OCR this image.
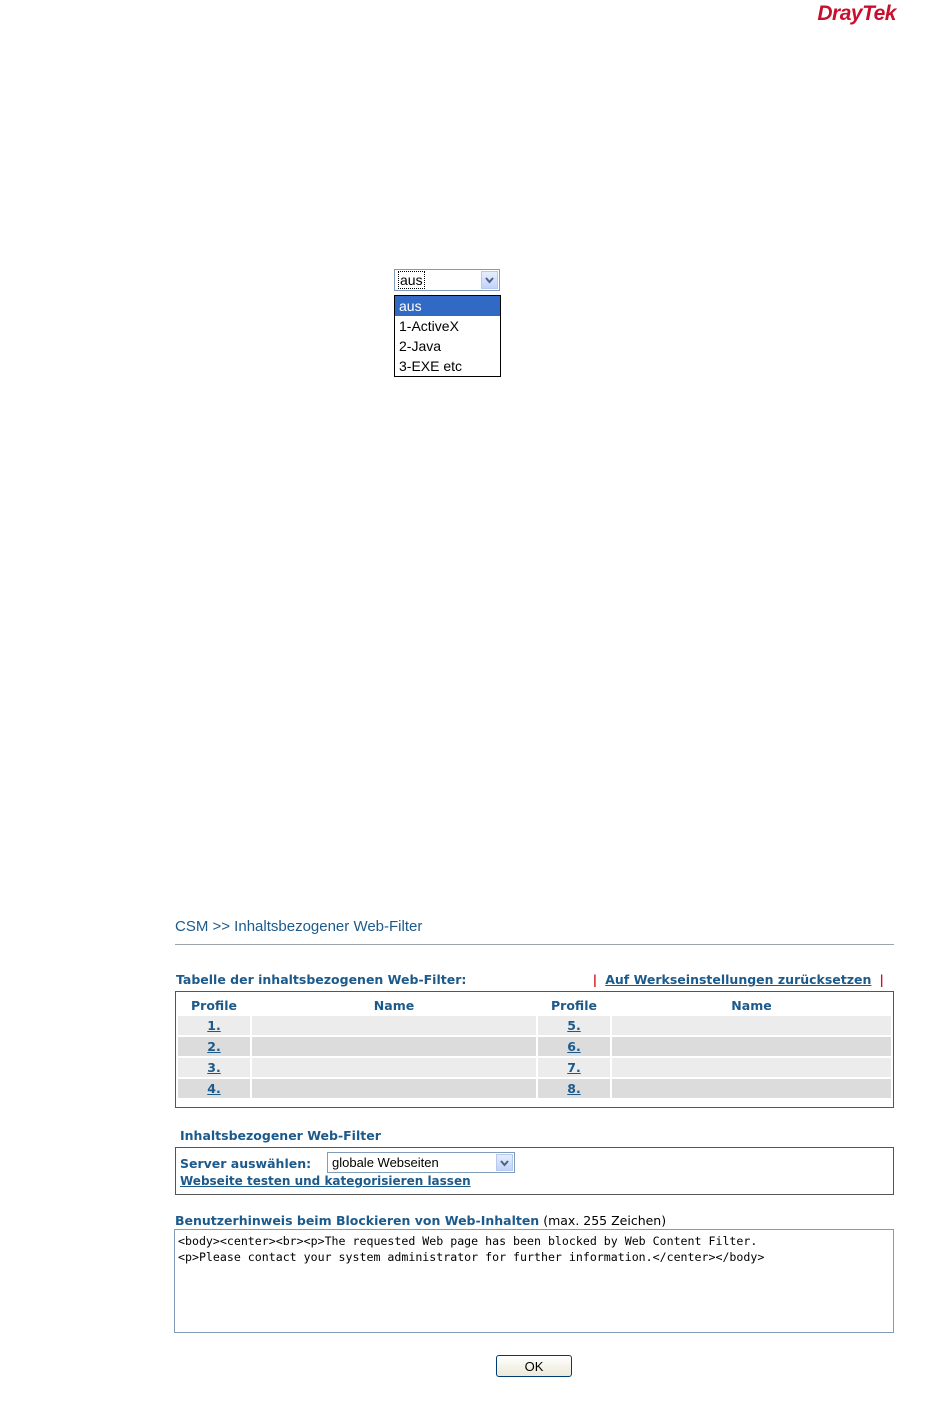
DrayTek
aus
aus
1-ActiveX
2-Java
3-EXE etc
CSM >> Inhaltsbezogener Web-Filter
Tabelle der inhaltsbezogenen Web-Filter:	| Auf Werkseinstellungen zurücksetzen |
Profile	Name	Profile	Name
1.		5.	
2.		6.	
3.		7.	
4.		8.	
Inhaltsbezogener Web-Filter
Server auswählen: globale Webseiten
Webseite testen und kategorisieren lassen
Benutzerhinweis beim Blockieren von Web-Inhalten (max. 255 Zeichen)
<body><center><br><p>The requested Web page has been blocked by Web Content Filter.
<p>Please contact your system administrator for further information.</center></body>
OK
